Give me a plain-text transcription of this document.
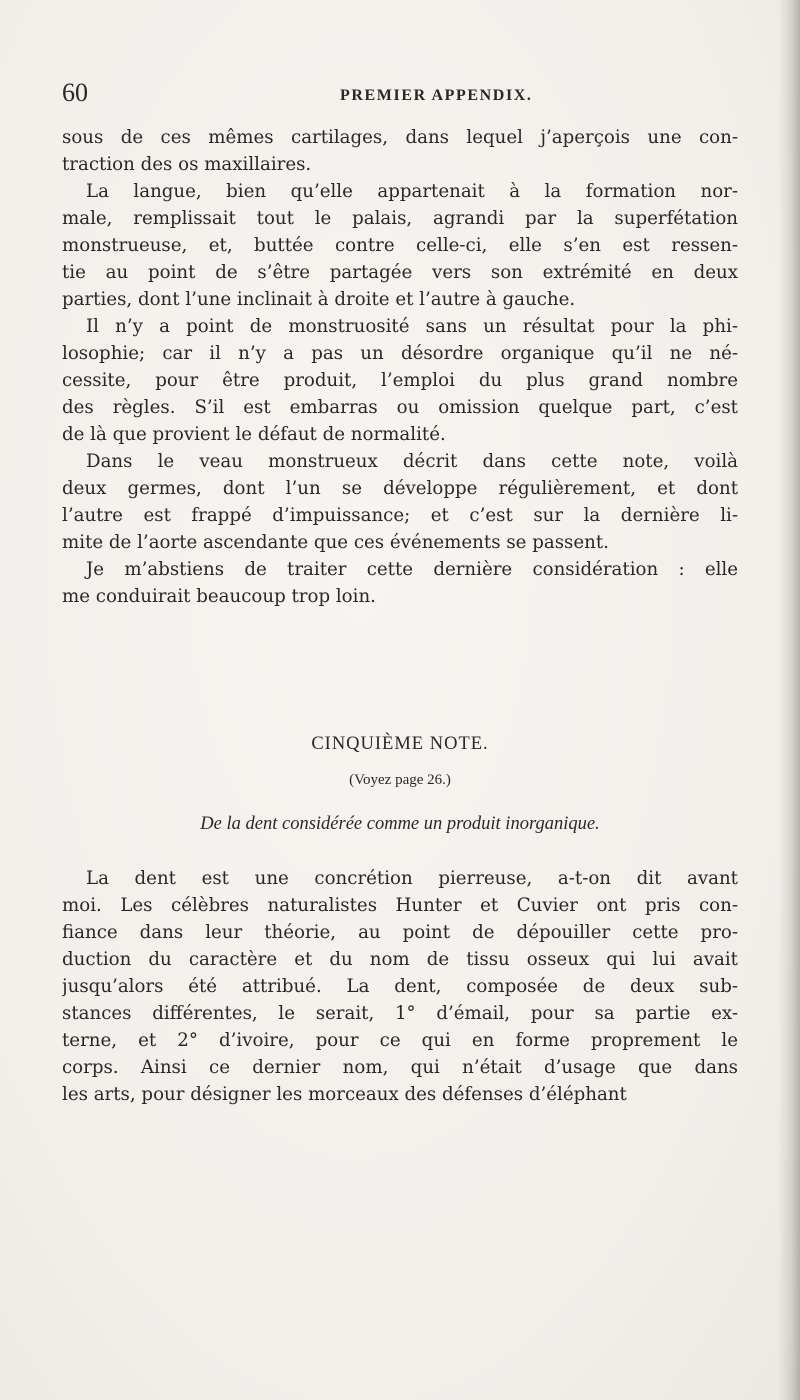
60	PREMIER APPENDIX.
sous de ces mêmes cartilages, dans lequel j’aperçois une con-
traction des os maxillaires.
La langue, bien qu’elle appartenait à la formation nor-
male, remplissait tout le palais, agrandi par la superfétation
monstrueuse, et, buttée contre celle-ci, elle s’en est ressen-
tie au point de s’être partagée vers son extrémité en deux
parties, dont l’une inclinait à droite et l’autre à gauche.
Il n’y a point de monstruosité sans un résultat pour la phi-
losophie; car il n’y a pas un désordre organique qu’il ne né-
cessite, pour être produit, l’emploi du plus grand nombre
des règles. S’il est embarras ou omission quelque part, c’est
de là que provient le défaut de normalité.
Dans le veau monstrueux décrit dans cette note, voilà
deux germes, dont l’un se développe régulièrement, et dont
l’autre est frappé d’impuissance; et c’est sur la dernière li-
mite de l’aorte ascendante que ces événements se passent.
Je m’abstiens de traiter cette dernière considération : elle
me conduirait beaucoup trop loin.
CINQUIÈME NOTE.
(Voyez page 26.)
De la dent considérée comme un produit inorganique.
La dent est une concrétion pierreuse, a-t-on dit avant
moi. Les célèbres naturalistes Hunter et Cuvier ont pris con-
fiance dans leur théorie, au point de dépouiller cette pro-
duction du caractère et du nom de tissu osseux qui lui avait
jusqu’alors été attribué. La dent, composée de deux sub-
stances différentes, le serait, 1° d’émail, pour sa partie ex-
terne, et 2° d’ivoire, pour ce qui en forme proprement le
corps. Ainsi ce dernier nom, qui n’était d’usage que dans
les arts, pour désigner les morceaux des défenses d’éléphant
